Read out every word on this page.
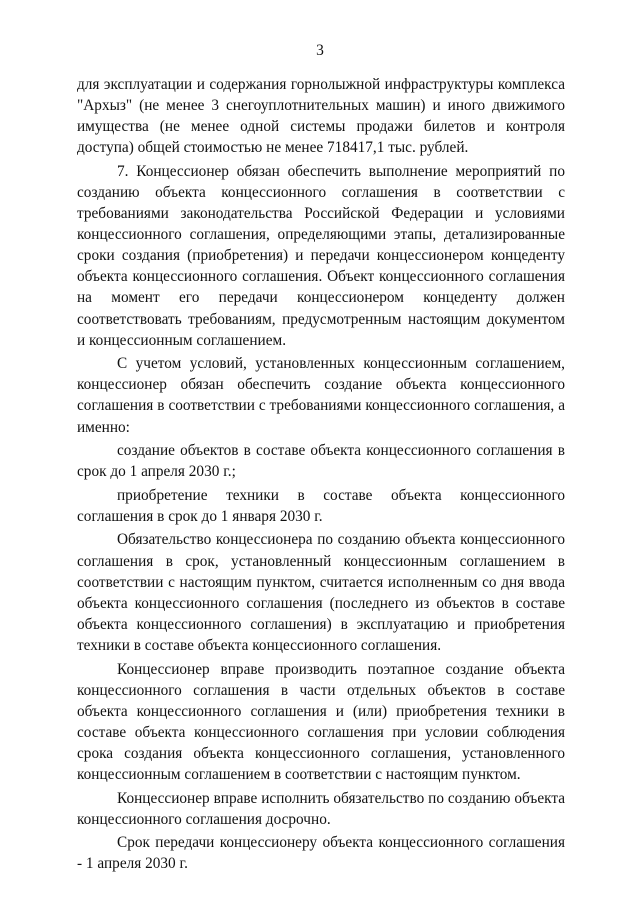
3

для эксплуатации и содержания горнолыжной инфраструктуры комплекса "Архыз" (не менее 3 снегоуплотнительных машин) и иного движимого имущества (не менее одной системы продажи билетов и контроля доступа) общей стоимостью не менее 718417,1 тыс. рублей.

7. Концессионер обязан обеспечить выполнение мероприятий по созданию объекта концессионного соглашения в соответствии с требованиями законодательства Российской Федерации и условиями концессионного соглашения, определяющими этапы, детализированные сроки создания (приобретения) и передачи концессионером концеденту объекта концессионного соглашения. Объект концессионного соглашения на момент его передачи концессионером концеденту должен соответствовать требованиям, предусмотренным настоящим документом и концессионным соглашением.

С учетом условий, установленных концессионным соглашением, концессионер обязан обеспечить создание объекта концессионного соглашения в соответствии с требованиями концессионного соглашения, а именно:

создание объектов в составе объекта концессионного соглашения в срок до 1 апреля 2030 г.;

приобретение техники в составе объекта концессионного соглашения в срок до 1 января 2030 г.

Обязательство концессионера по созданию объекта концессионного соглашения в срок, установленный концессионным соглашением в соответствии с настоящим пунктом, считается исполненным со дня ввода объекта концессионного соглашения (последнего из объектов в составе объекта концессионного соглашения) в эксплуатацию и приобретения техники в составе объекта концессионного соглашения.

Концессионер вправе производить поэтапное создание объекта концессионного соглашения в части отдельных объектов в составе объекта концессионного соглашения и (или) приобретения техники в составе объекта концессионного соглашения при условии соблюдения срока создания объекта концессионного соглашения, установленного концессионным соглашением в соответствии с настоящим пунктом.

Концессионер вправе исполнить обязательство по созданию объекта концессионного соглашения досрочно.

Срок передачи концессионеру объекта концессионного соглашения - 1 апреля 2030 г.
